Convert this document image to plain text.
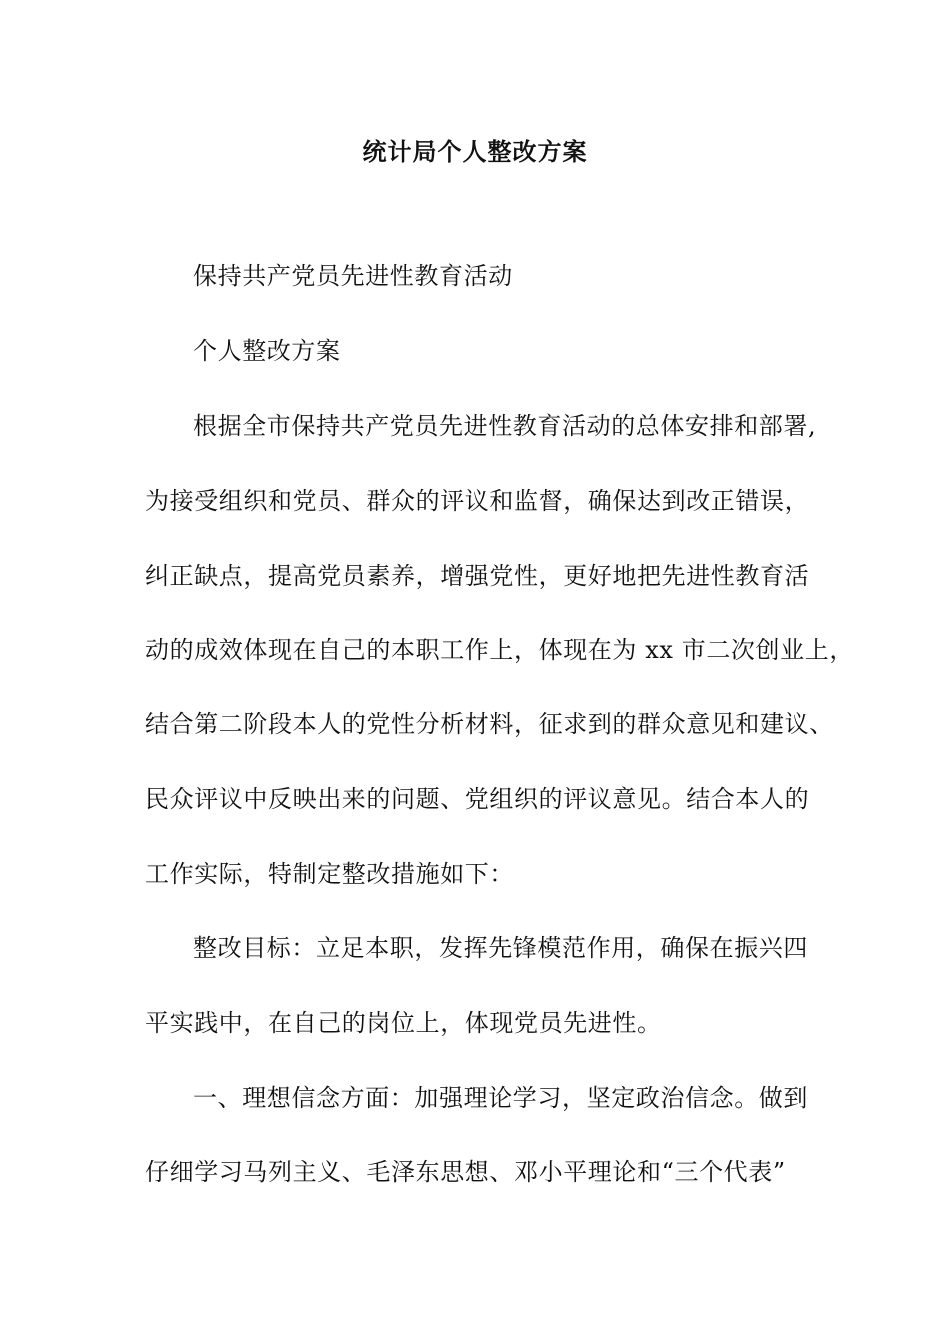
统计局个人整改方案
保持共产党员先进性教育活动
个人整改方案
根据全市保持共产党员先进性教育活动的总体安排和部署,
为接受组织和党员、群众的评议和监督，确保达到改正错误，
纠正缺点，提高党员素养，增强党性，更好地把先进性教育活
动的成效体现在自己的本职工作上，体现在为 xx 市二次创业上，
结合第二阶段本人的党性分析材料，征求到的群众意见和建议、
民众评议中反映出来的问题、党组织的评议意见。结合本人的
工作实际，特制定整改措施如下：
整改目标：立足本职，发挥先锋模范作用，确保在振兴四
平实践中，在自己的岗位上，体现党员先进性。
一、理想信念方面：加强理论学习，坚定政治信念。做到
仔细学习马列主义、毛泽东思想、邓小平理论和“三个代表”
